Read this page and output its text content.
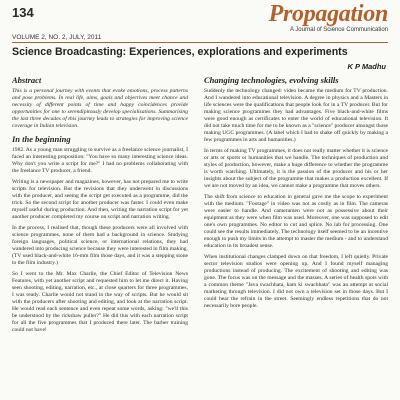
134	Propagation
A Journal of Science Communication
VOLUME 2, NO. 2, JULY, 2011
Science Broadcasting: Experiences, explorations and experiments
K P Madhu
Abstract

This is a personal journey with events that evoke emotions, process patterns and pose problems. In real life, aims, goals and objectives meet chance and necessity of different points of time and happy coincidences provide opportunities for one to serendipitously develop specialisations. Summarising the last three decades of this journey leads to strategies for improving science coverage in Indian television.

In the beginning

1982. As a young man struggling to survive as a freelance science journalist, I faced an interesting proposition: "You have so many interesting science ideas. Why don't you write a script for me?" I had no problems collaborating with the freelance TV producer, a friend.

Writing is a newspaper and magazines, however, has not prepared me to write scripts for television. But the revisions that they underwent in discussions with the producer, and seeing the script get executed as a programme, did the trick. So the second script for another producer was faster. I could even make myself useful during production. And then, writing the narration script for yet another producer completed my course on script and narration writing.

In the process, I realised that, though these producers were all involved with science programmes, none of them had a background in science. Studying foreign languages, political science, or international relations, they had wandered into producing science because they were interested in film making. (TV used black-and-white 16-mm film those days, and it was a stepping stone to the film industry.)

So I went to the Mr. Max Charlie, the Chief Editor of Television News Features, with yet another script and requested him to let me direct it. Having seen shooting, editing, narration, etc., at close quarters for three programmes, I was ready. Charlie would not stand in the way of scripts. But he would sit with the producers after shooting and editing, and look at the narration script. He would read each sentence and even repeat some words, asking: "we'll this be understood by the rickshaw puller?" He did this with each narration script for all the five programmes that I produced there later. The barber training could not have!

Changing technologies, evolving skills

Suddenly the technology changed: video became the medium for TV production. And I wandered into educational television. A degree in physics and a Masters in life sciences were the qualifications that people look for in a TV producer. But for making science programmes they had advantages. Five black-and-white films were good enough as certificates to enter the world of educational television. It did not take much time for me to be known as a "science" producer amongst those making UGC programmes. (A label which I had to shake off quickly by making a few programmes in arts and humanities.)

In terms of making TV programmes, it does not really matter whether it is science or arts or sports or humanities that we handle. The techniques of production and styles of production, however, make a huge difference to whether the programme is worth watching. Ultimately, it is the passion of the producer and his or her insights about the subject of the programme that makes a production excellent. If we are not moved by an idea, we cannot make a programme that moves others.

The shift from science to education in general gave me the scope to experiment with the medium. "Footage" in video was not as costly as in film. The cameras were easier to handle. And cameramen were not as possessive about their equipment as they were when film was used. Moreover, one was supposed to edit one's own programmes. No editor to cut and splice. No lab for processing. One could see the results immediately. The technology itself seemed to be an incentive enough to push my limits in the attempt to master the medium - and to understand education in its broadest sense.

When institutional changes clamped down on that freedom, I left quietly. Private sector television studios were opening up. And I found myself managing productions instead of producing. The excitement of shooting and editing was gone. The focus was on the message and the masses. A series of health spots with a common theme "Java swachhata, kam ki swachhata" was an attempt at social marketing through television. I did not own a television set in those days. But I could hear the refrain in the street. Seemingly endless repetitions that do not necessarily bore people.
